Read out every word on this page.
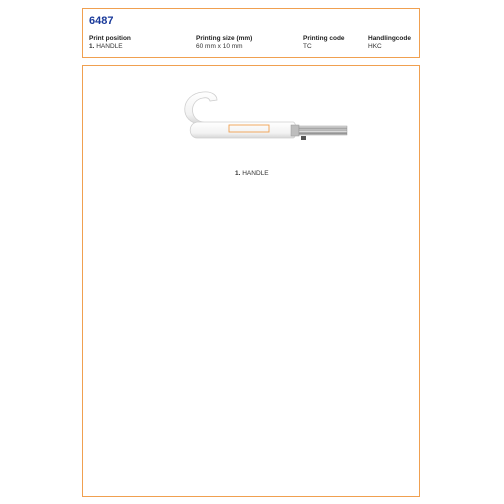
6487
Print position
1. HANDLE
Printing size (mm)
60 mm x 10 mm
Printing code
TC
Handlingcode
HKC
1. HANDLE
